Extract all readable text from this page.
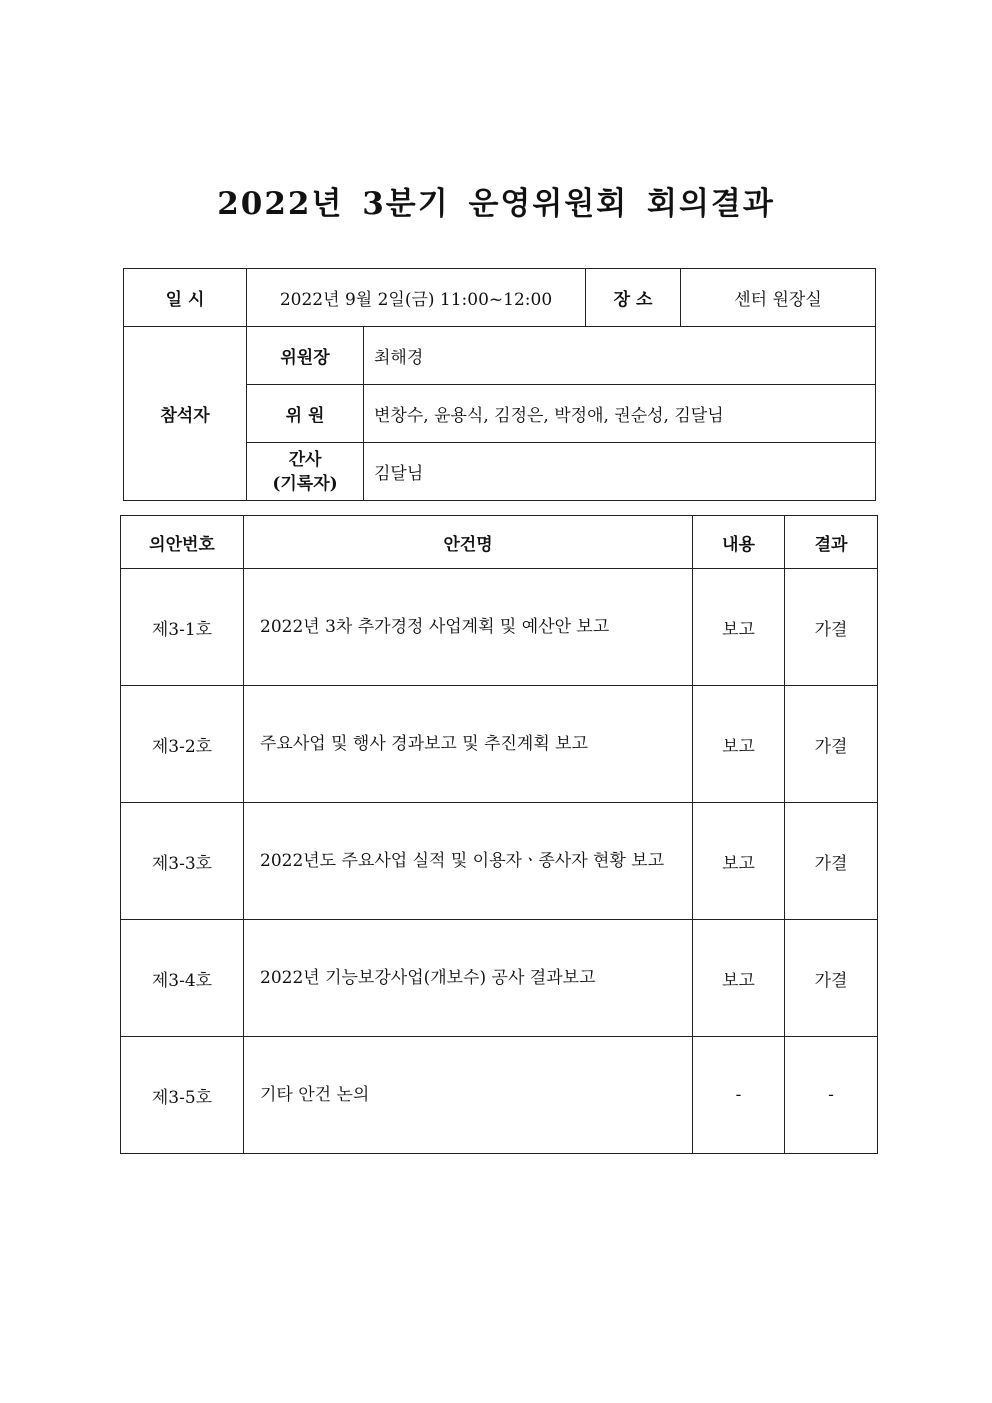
2022년 3분기 운영위원회 회의결과
일 시	2022년 9월 2일(금) 11:00~12:00		장 소	센터 원장실
참석자	위원장	최해경		
	위 원	변창수, 윤용식, 김정은, 박정애, 권순성, 김달님		
	간사
(기록자)	김달님		
의안번호	안건명	내용	결과
제3-1호	2022년 3차 추가경정 사업계획 및 예산안 보고	보고	가결
제3-2호	주요사업 및 행사 경과보고 및 추진계획 보고	보고	가결
제3-3호	2022년도 주요사업 실적 및 이용자ㆍ종사자 현황 보고	보고	가결
제3-4호	2022년 기능보강사업(개보수) 공사 결과보고	보고	가결
제3-5호	기타 안건 논의	-	-
